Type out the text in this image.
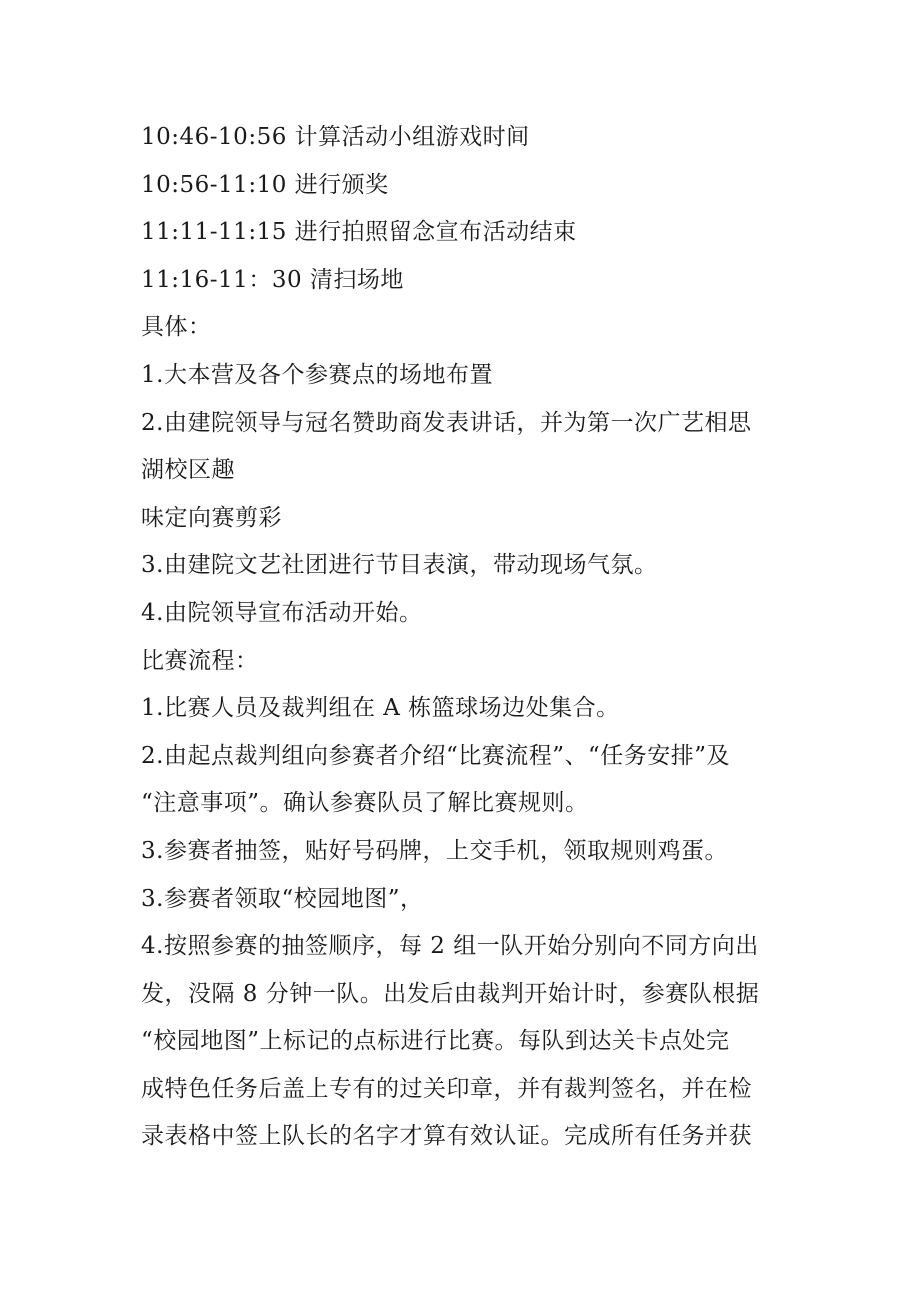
10:46-10:56 计算活动小组游戏时间
10:56-11:10 进行颁奖
11:11-11:15 进行拍照留念宣布活动结束
11:16-11：30 清扫场地
具体：
1.大本营及各个参赛点的场地布置
2.由建院领导与冠名赞助商发表讲话，并为第一次广艺相思
湖校区趣
味定向赛剪彩
3.由建院文艺社团进行节目表演，带动现场气氛。
4.由院领导宣布活动开始。
比赛流程：
1.比赛人员及裁判组在 A 栋篮球场边处集合。
2.由起点裁判组向参赛者介绍“比赛流程”、“任务安排”及
“注意事项”。确认参赛队员了解比赛规则。
3.参赛者抽签，贴好号码牌，上交手机，领取规则鸡蛋。
3.参赛者领取“校园地图”，
4.按照参赛的抽签顺序，每 2 组一队开始分别向不同方向出
发，没隔 8 分钟一队。出发后由裁判开始计时，参赛队根据
“校园地图”上标记的点标进行比赛。每队到达关卡点处完
成特色任务后盖上专有的过关印章，并有裁判签名，并在检
录表格中签上队长的名字才算有效认证。完成所有任务并获
